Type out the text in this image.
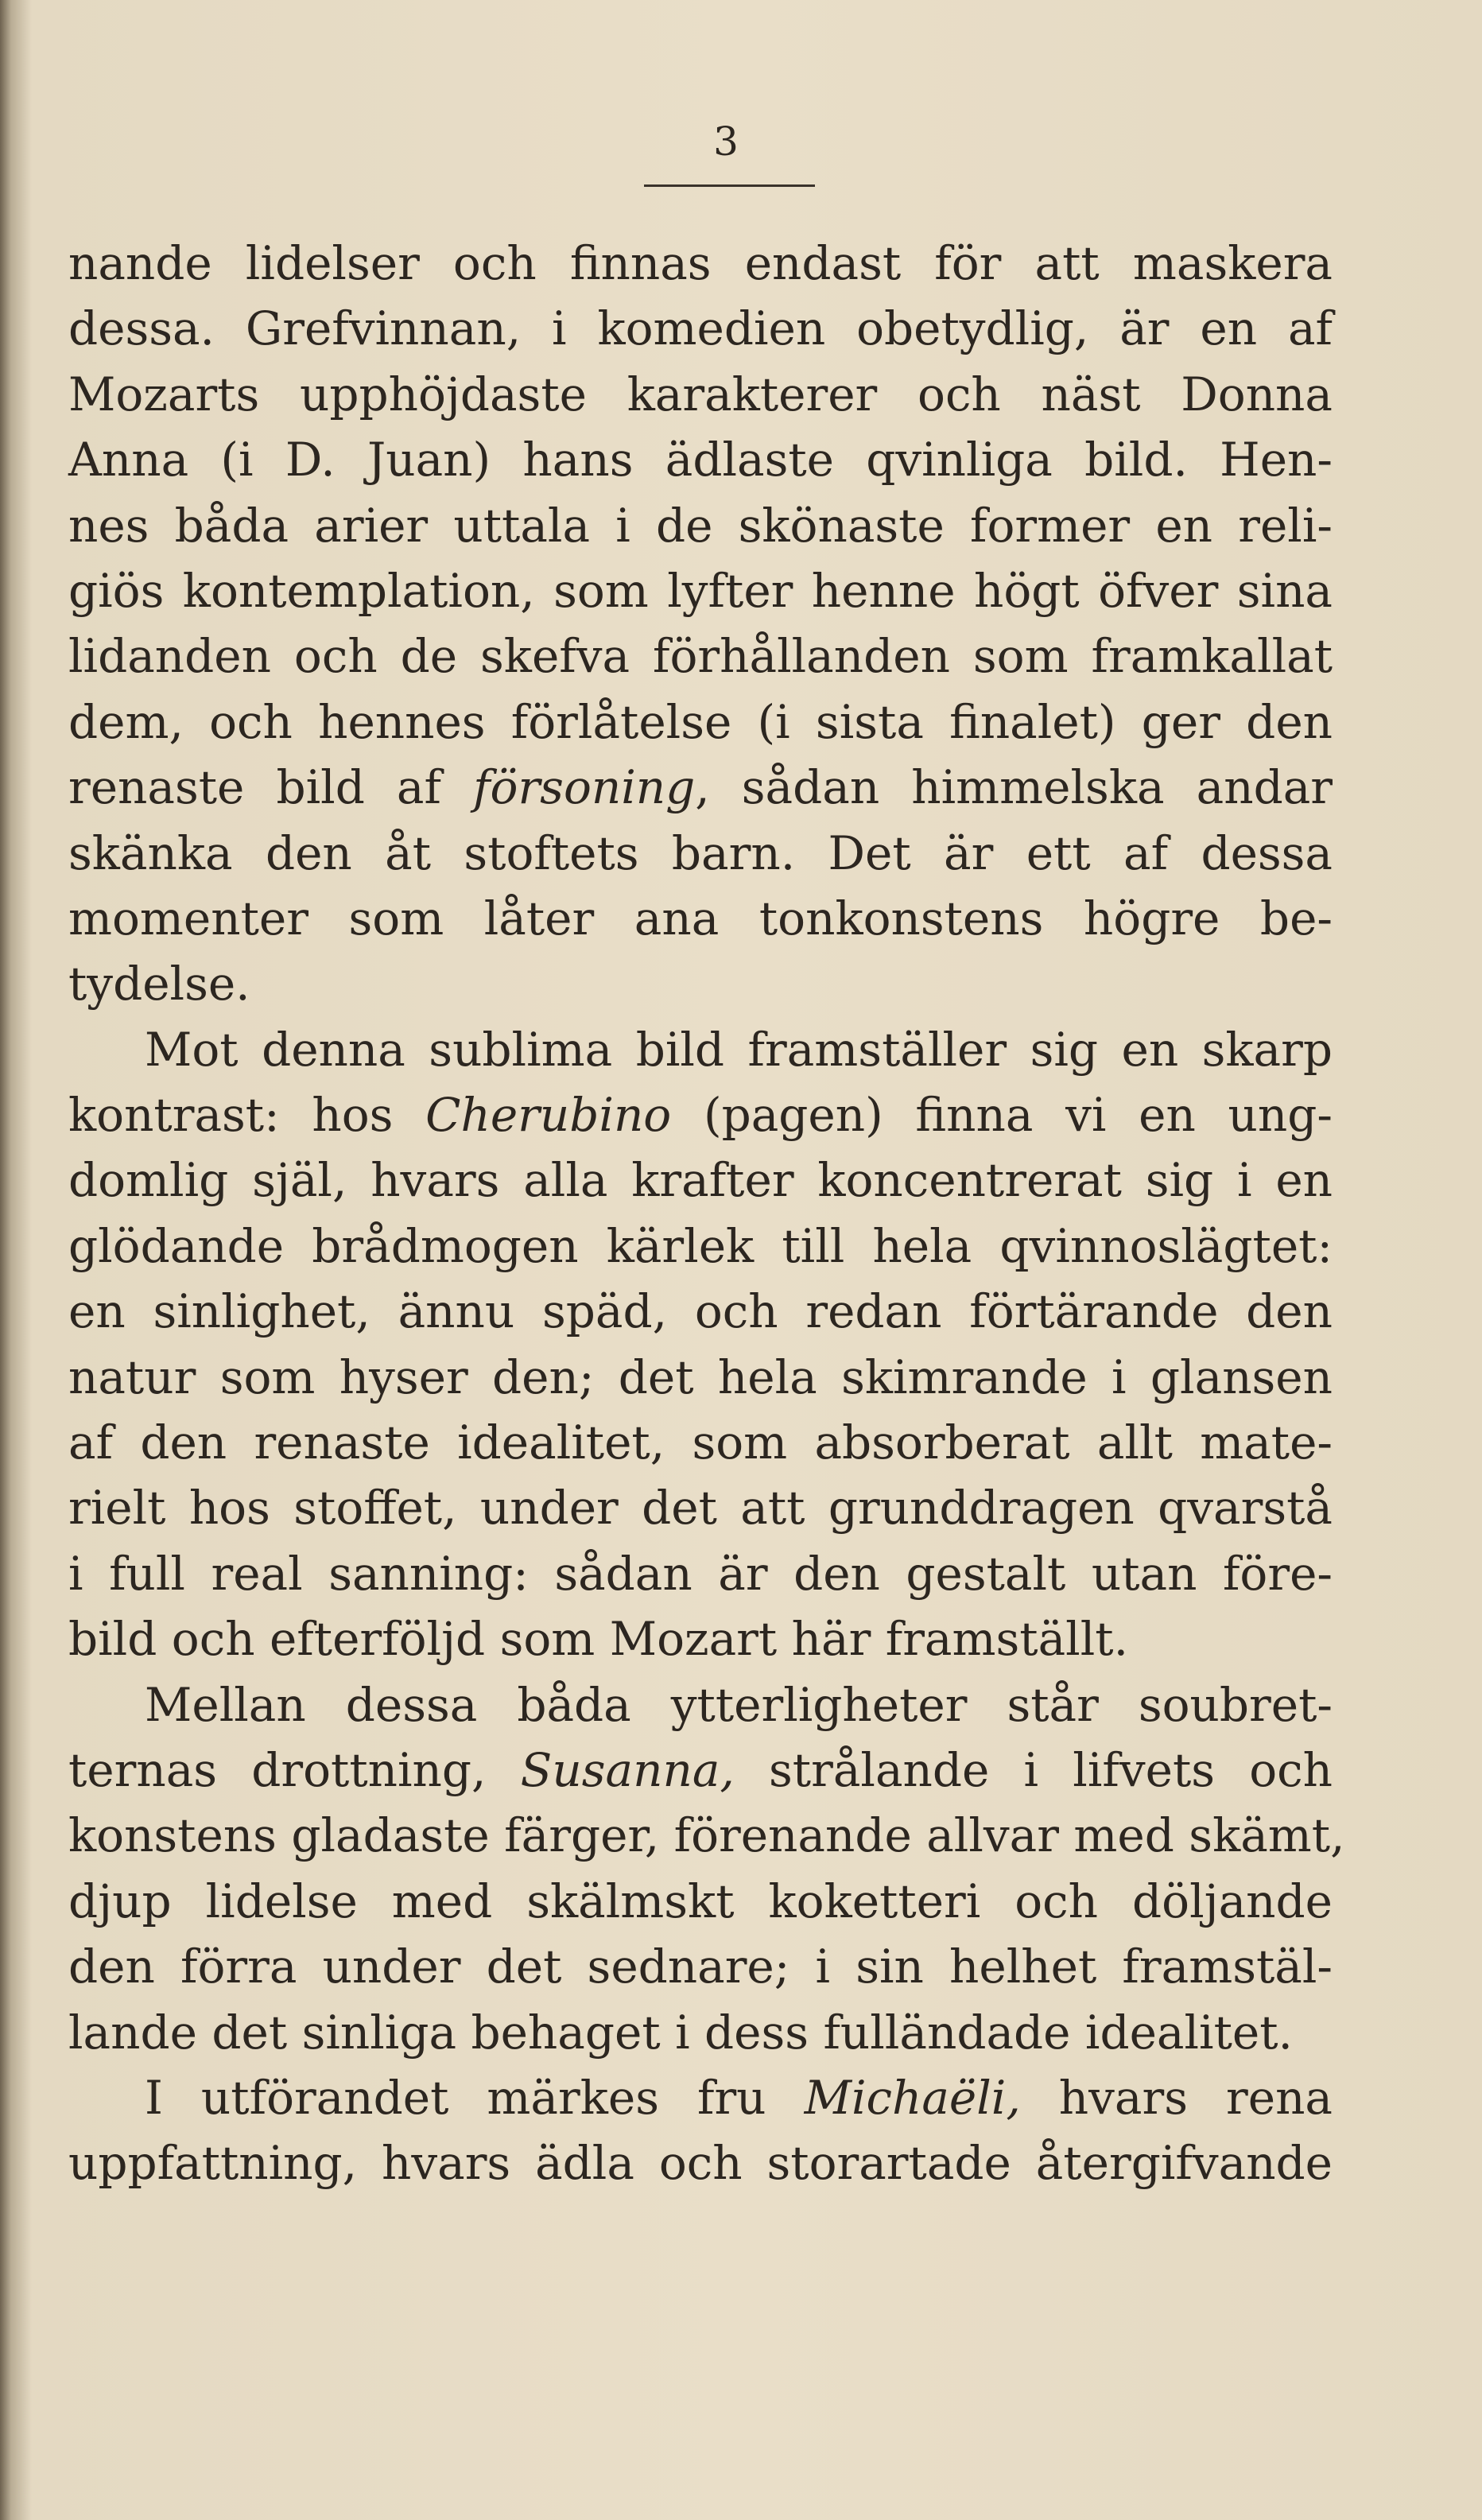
3
nande lidelser och finnas endast för att maskera
dessa. Grefvinnan, i komedien obetydlig, är en af
Mozarts upphöjdaste karakterer och näst Donna
Anna (i D. Juan) hans ädlaste qvinliga bild. Hen-
nes båda arier uttala i de skönaste former en reli-
giös kontemplation, som lyfter henne högt öfver sina
lidanden och de skefva förhållanden som framkallat
dem, och hennes förlåtelse (i sista finalet) ger den
renaste bild af försoning, sådan himmelska andar
skänka den åt stoftets barn. Det är ett af dessa
momenter som låter ana tonkonstens högre be-
tydelse.
Mot denna sublima bild framställer sig en skarp
kontrast: hos Cherubino (pagen) finna vi en ung-
domlig själ, hvars alla krafter koncentrerat sig i en
glödande brådmogen kärlek till hela qvinnoslägtet:
en sinlighet, ännu späd, och redan förtärande den
natur som hyser den; det hela skimrande i glansen
af den renaste idealitet, som absorberat allt mate-
rielt hos stoffet, under det att grunddragen qvarstå
i full real sanning: sådan är den gestalt utan före-
bild och efterföljd som Mozart här framställt.
Mellan dessa båda ytterligheter står soubret-
ternas drottning, Susanna, strålande i lifvets och
konstens gladaste färger, förenande allvar med skämt,
djup lidelse med skälmskt koketteri och döljande
den förra under det sednare; i sin helhet framstäl-
lande det sinliga behaget i dess fulländade idealitet.
I utförandet märkes fru Michaëli, hvars rena
uppfattning, hvars ädla och storartade återgifvande
